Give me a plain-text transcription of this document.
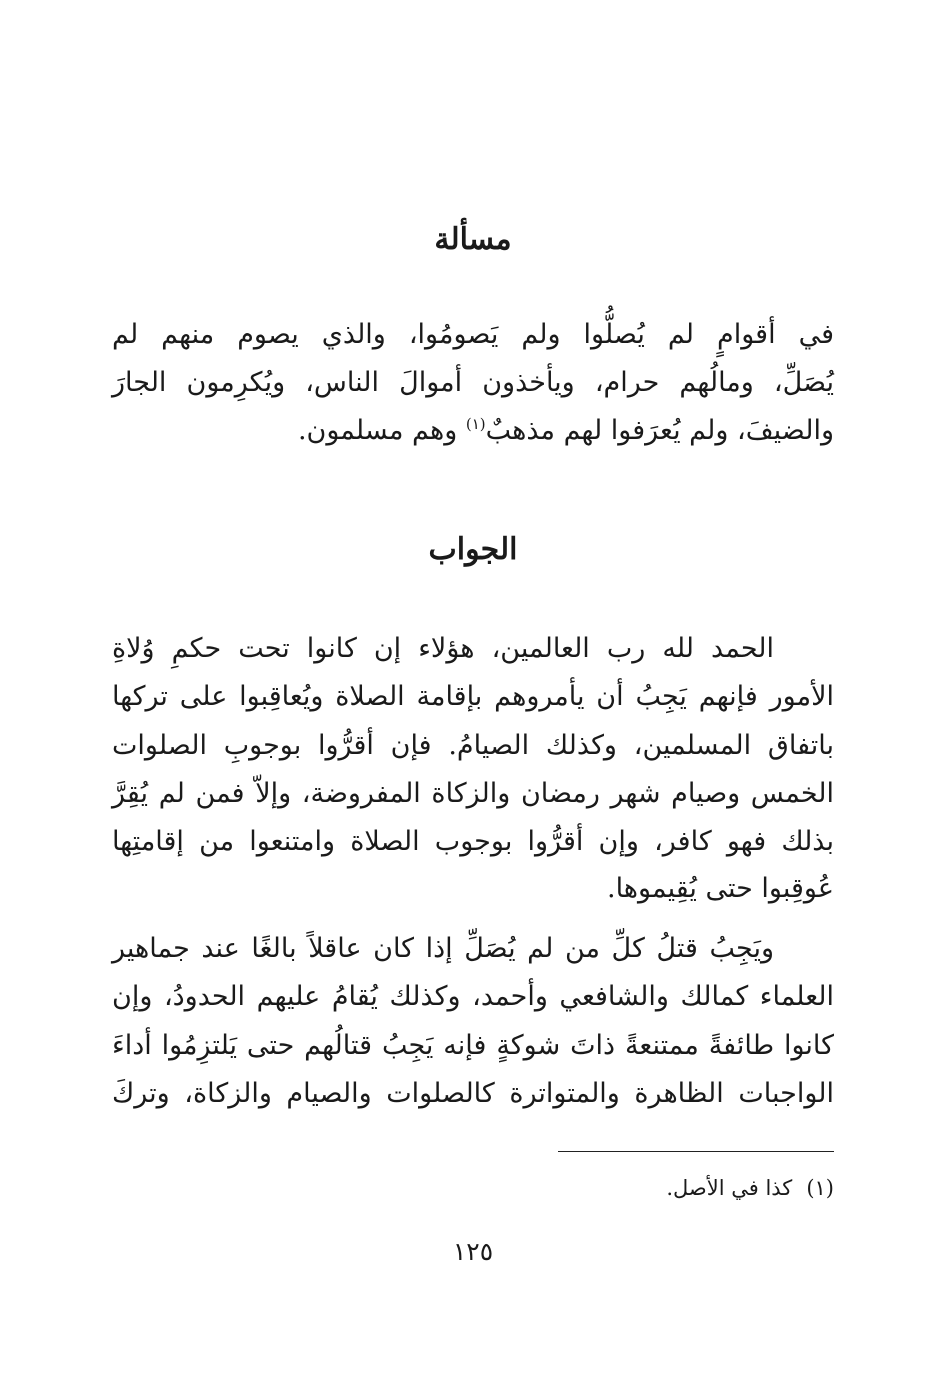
مسألة
في أقوامٍ لم يُصلُّوا ولم يَصومُوا، والذي يصوم منهم لم
يُصَلِّ، ومالُهم حرام، ويأخذون أموالَ الناس، ويُكرِمون الجارَ
والضيفَ، ولم يُعرَفوا لهم مذهبٌ$^{(١)}$ وهم مسلمون.
الجواب
الحمد لله رب العالمين، هؤلاء إن كانوا تحت حكمِ وُلاةِ
الأمور فإنهم يَجِبُ أن يأمروهم بإقامة الصلاة ويُعاقِبوا على تركها
باتفاق المسلمين، وكذلك الصيامُ. فإن أقرُّوا بوجوبِ الصلوات
الخمس وصيام شهر رمضان والزكاة المفروضة، وإلاّ فمن لم يُقِرَّ
بذلك فهو كافر، وإن أقرُّوا بوجوب الصلاة وامتنعوا من إقامتِها
عُوقِبوا حتى يُقِيموها.
ويَجِبُ قتلُ كلِّ من لم يُصَلِّ إذا كان عاقلاً بالغًا عند جماهير
العلماء كمالك والشافعي وأحمد، وكذلك يُقامُ عليهم الحدودُ، وإن
كانوا طائفةً ممتنعةً ذاتَ شوكةٍ فإنه يَجِبُ قتالُهم حتى يَلتزِمُوا أداءَ
الواجبات الظاهرة والمتواترة كالصلوات والصيام والزكاة، وتركَ
(١)كذا في الأصل.
١٢٥
